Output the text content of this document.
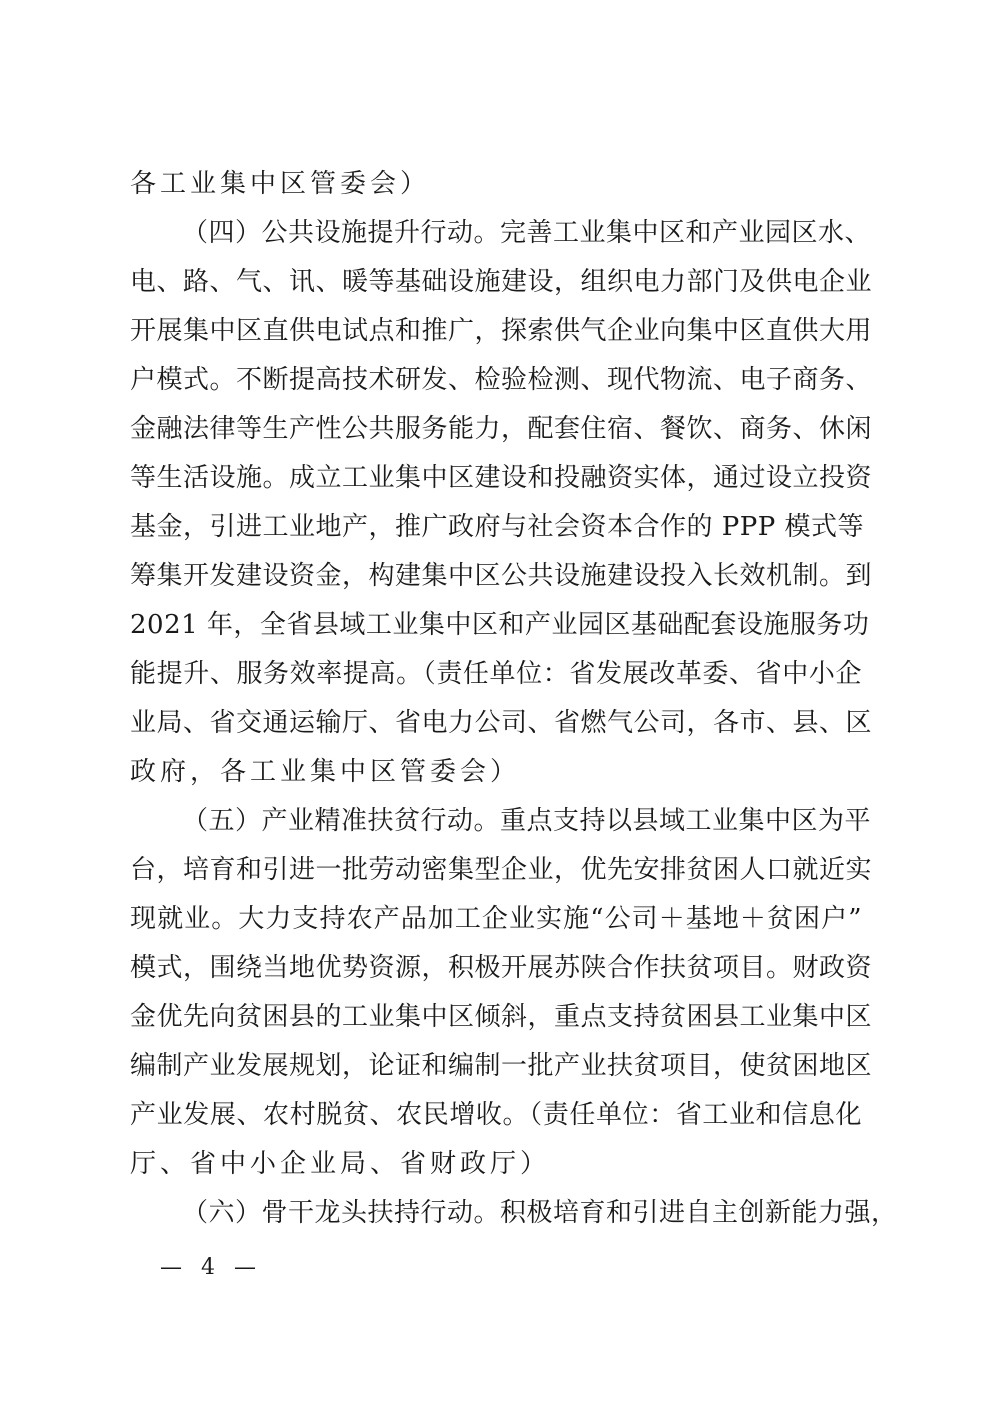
各工业集中区管委会）
（四）公共设施提升行动。完善工业集中区和产业园区水、
电、路、气、讯、暖等基础设施建设，组织电力部门及供电企业
开展集中区直供电试点和推广，探索供气企业向集中区直供大用
户模式。不断提高技术研发、检验检测、现代物流、电子商务、
金融法律等生产性公共服务能力，配套住宿、餐饮、商务、休闲
等生活设施。成立工业集中区建设和投融资实体，通过设立投资
基金，引进工业地产，推广政府与社会资本合作的 PPP 模式等
筹集开发建设资金，构建集中区公共设施建设投入长效机制。到
2021 年，全省县域工业集中区和产业园区基础配套设施服务功
能提升、服务效率提高。（责任单位：省发展改革委、省中小企
业局、省交通运输厅、省电力公司、省燃气公司，各市、县、区
政府，各工业集中区管委会）
（五）产业精准扶贫行动。重点支持以县域工业集中区为平
台，培育和引进一批劳动密集型企业，优先安排贫困人口就近实
现就业。大力支持农产品加工企业实施“公司＋基地＋贫困户”
模式，围绕当地优势资源，积极开展苏陕合作扶贫项目。财政资
金优先向贫困县的工业集中区倾斜，重点支持贫困县工业集中区
编制产业发展规划，论证和编制一批产业扶贫项目，使贫困地区
产业发展、农村脱贫、农民增收。（责任单位：省工业和信息化
厅、省中小企业局、省财政厅）
（六）骨干龙头扶持行动。积极培育和引进自主创新能力强，
— 4 —
